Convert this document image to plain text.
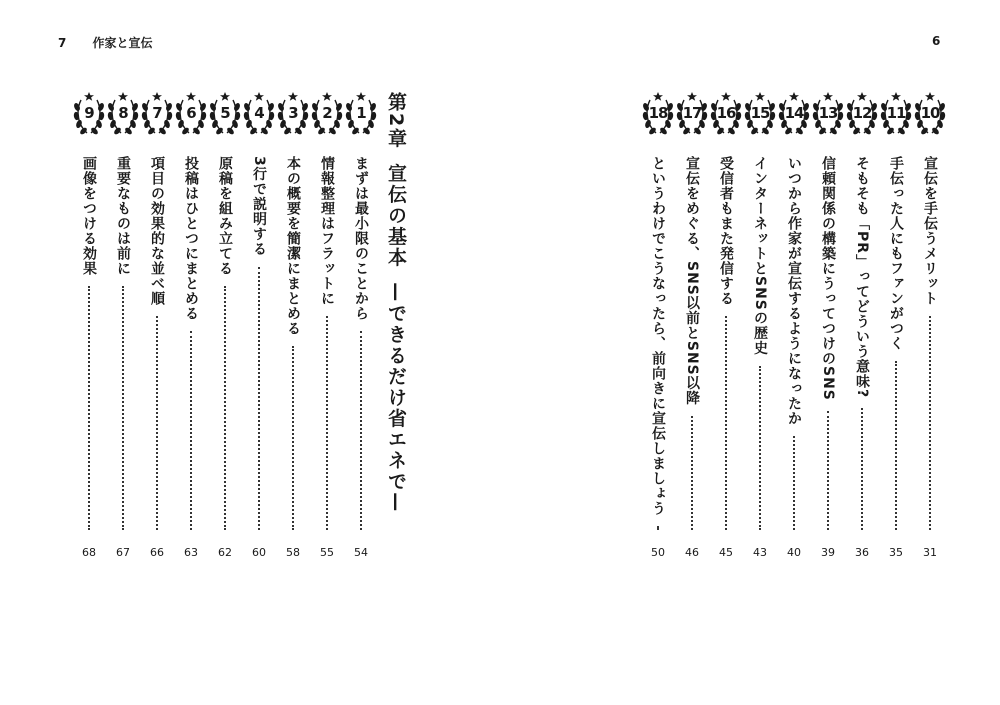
7 作家と宣伝	6
第2章宣伝の基本—できるだけ省エネで—
1
まずは最小限のことから
54
2
情報整理はフラットに
55
3
本の概要を簡潔にまとめる
58
4
3行で説明する
60
5
原稿を組み立てる
62
6
投稿はひとつにまとめる
63
7
項目の効果的な並べ順
66
8
重要なものは前に
67
9
画像をつける効果
68
10
宣伝を手伝うメリット
31
11
手伝った人にもファンがつく
35
12
そもそも「PR」ってどういう意味?
36
13
信頼関係の構築にうってつけのSNS
39
14
いつから作家が宣伝するようになったか
40
15
インターネットとSNSの歴史
43
16
受信者もまた発信する
45
17
宣伝をめぐる、SNS以前とSNS以降
46
18
というわけでこうなったら、前向きに宣伝しましょう
50
